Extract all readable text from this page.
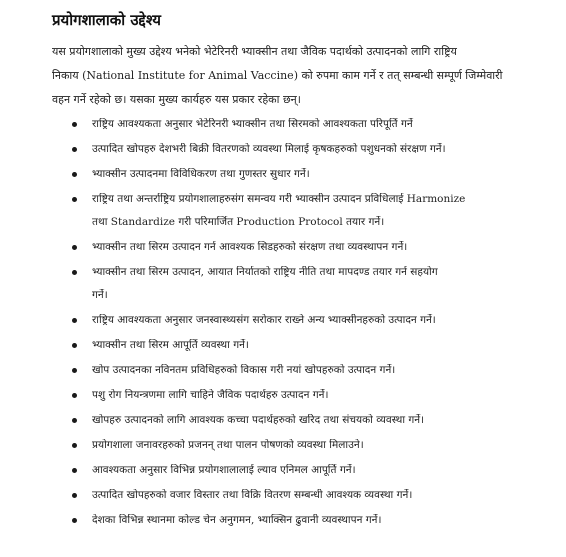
प्रयोगशालाको उद्देश्य
यस प्रयोगशालाको मुख्य उद्देश्य भनेको भेटेरिनरी भ्याक्सीन तथा जैविक पदार्थको उत्पादनको लागि राष्ट्रिय
निकाय (National Institute for Animal Vaccine) को रुपमा काम गर्ने र तत् सम्बन्धी सम्पूर्ण जिम्मेवारी
वहन गर्ने रहेको छ। यसका मुख्य कार्यहरु यस प्रकार रहेका छन्।
राष्ट्रिय आवश्यकता अनुसार भेटेरिनरी भ्याक्सीन तथा सिरमको आवश्यकता परिपूर्ति गर्ने
उत्पादित खोपहरु देशभरी बिक्री वितरणको व्यवस्था मिलाई कृषकहरुको पशुधनको संरक्षण गर्ने।
भ्याक्सीन उत्पादनमा विविधिकरण तथा गुणस्तर सुधार गर्ने।
राष्ट्रिय तथा अन्तर्राष्ट्रिय प्रयोगशालाहरुसंग समन्वय गरी भ्याक्सीन उत्पादन प्रविधिलाई Harmonize
तथा Standardize गरी परिमार्जित Production Protocol तयार गर्ने।
भ्याक्सीन तथा सिरम उत्पादन गर्न आवश्यक सिडहरुको संरक्षण तथा व्यवस्थापन गर्ने।
भ्याक्सीन तथा सिरम उत्पादन, आयात निर्यातको राष्ट्रिय नीति तथा मापदण्ड तयार गर्न सहयोग
गर्ने।
राष्ट्रिय आवश्यकता अनुसार जनस्वास्थ्यसंग सरोकार राख्ने अन्य भ्याक्सीनहरुको उत्पादन गर्ने।
भ्याक्सीन तथा सिरम आपूर्ति व्यवस्था गर्ने।
खोप उत्पादनका नविनतम प्रविधिहरुको विकास गरी नयां खोपहरुको उत्पादन गर्ने।
पशु रोग नियन्त्रणमा लागि चाहिने जैविक पदार्थहरु उत्पादन गर्ने।
खोपहरु उत्पादनको लागि आवश्यक कच्चा पदार्थहरुको खरिद तथा संचयको व्यवस्था गर्ने।
प्रयोगशाला जनावरहरुको प्रजनन् तथा पालन पोषणको व्यवस्था मिलाउने।
आवश्यकता अनुसार विभिन्न प्रयोगशालालाई ल्याव एनिमल आपूर्ति गर्ने।
उत्पादित खोपहरुको वजार विस्तार तथा विक्रि वितरण सम्बन्धी आवश्यक व्यवस्था गर्ने।
देशका विभिन्न स्थानमा कोल्ड चेन अनुगमन, भ्याक्सिन ढुवानी व्यवस्थापन गर्ने।
